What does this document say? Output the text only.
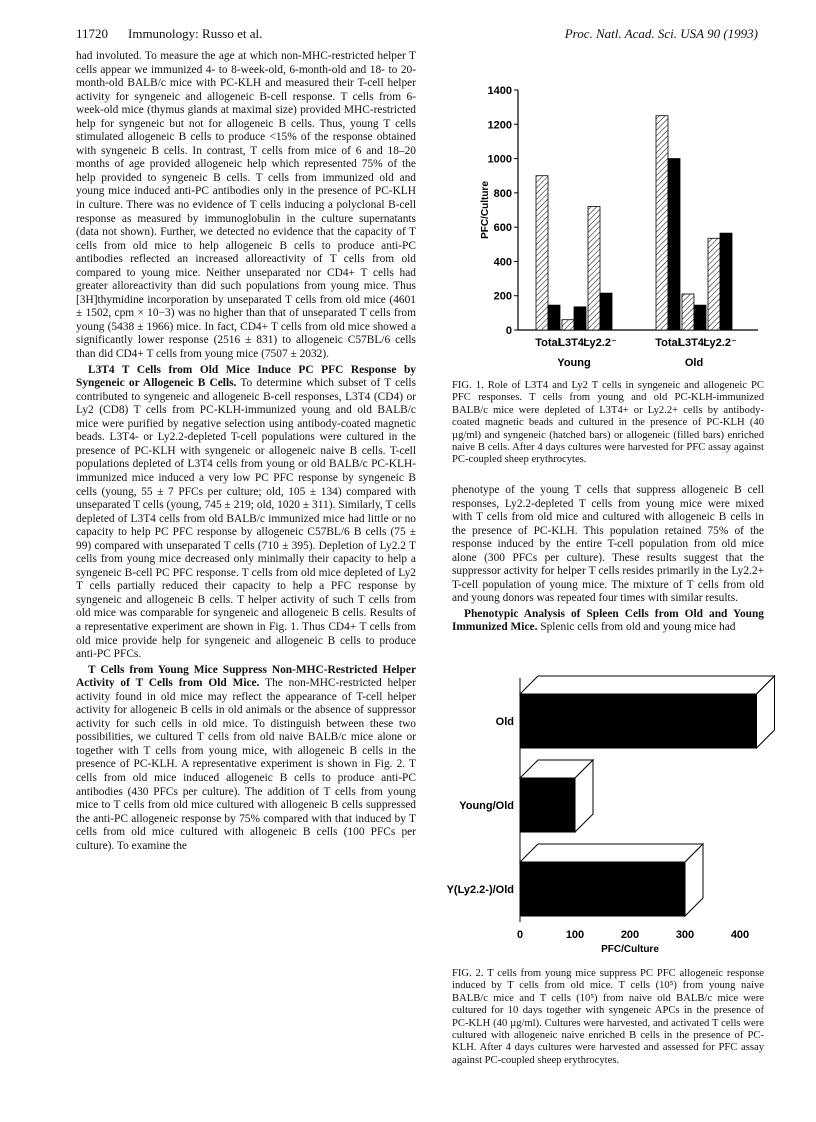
11720 Immunology: Russo et al.	Proc. Natl. Acad. Sci. USA 90 (1993)

had involuted. To measure the age at which non-MHC-restricted helper T cells appear we immunized 4- to 8-week-old, 6-month-old and 18- to 20-month-old BALB/c mice with PC-KLH and measured their T-cell helper activity for syngeneic and allogeneic B-cell response. T cells from 6-week-old mice (thymus glands at maximal size) provided MHC-restricted help for syngeneic but not for allogeneic B cells. Thus, young T cells stimulated allogeneic B cells to produce <15% of the response obtained with syngeneic B cells. In contrast, T cells from mice of 6 and 18–20 months of age provided allogeneic help which represented 75% of the help provided to syngeneic B cells. T cells from immunized old and young mice induced anti-PC antibodies only in the presence of PC-KLH in culture. There was no evidence of T cells inducing a polyclonal B-cell response as measured by immunoglobulin in the culture supernatants (data not shown). Further, we detected no evidence that the capacity of T cells from old mice to help allogeneic B cells to produce anti-PC antibodies reflected an increased alloreactivity of T cells from old compared to young mice. Neither unseparated nor CD4+ T cells had greater alloreactivity than did such populations from young mice. Thus [3H]thymidine incorporation by unseparated T cells from old mice (4601 ± 1502, cpm × 10−3) was no higher than that of unseparated T cells from young (5438 ± 1966) mice. In fact, CD4+ T cells from old mice showed a significantly lower response (2516 ± 831) to allogeneic C57BL/6 cells than did CD4+ T cells from young mice (7507 ± 2032).

L3T4 T Cells from Old Mice Induce PC PFC Response by Syngeneic or Allogeneic B Cells. To determine which subset of T cells contributed to syngeneic and allogeneic B-cell responses, L3T4 (CD4) or Ly2 (CD8) T cells from PC-KLH-immunized young and old BALB/c mice were purified by negative selection using antibody-coated magnetic beads. L3T4- or Ly2.2-depleted T-cell populations were cultured in the presence of PC-KLH with syngeneic or allogeneic naive B cells. T-cell populations depleted of L3T4 cells from young or old BALB/c PC-KLH-immunized mice induced a very low PC PFC response by syngeneic B cells (young, 55 ± 7 PFCs per culture; old, 105 ± 134) compared with unseparated T cells (young, 745 ± 219; old, 1020 ± 311). Similarly, T cells depleted of L3T4 cells from old BALB/c immunized mice had little or no capacity to help PC PFC response by allogeneic C57BL/6 B cells (75 ± 99) compared with unseparated T cells (710 ± 395). Depletion of Ly2.2 T cells from young mice decreased only minimally their capacity to help a syngeneic B-cell PC PFC response. T cells from old mice depleted of Ly2 T cells partially reduced their capacity to help a PFC response by syngeneic and allogeneic B cells. T helper activity of such T cells from old mice was comparable for syngeneic and allogeneic B cells. Results of a representative experiment are shown in Fig. 1. Thus CD4+ T cells from old mice provide help for syngeneic and allogeneic B cells to produce anti-PC PFCs.

T Cells from Young Mice Suppress Non-MHC-Restricted Helper Activity of T Cells from Old Mice. The non-MHC-restricted helper activity found in old mice may reflect the appearance of T-cell helper activity for allogeneic B cells in old animals or the absence of suppressor activity for such cells in old mice. To distinguish between these two possibilities, we cultured T cells from old naive BALB/c mice alone or together with T cells from young mice, with allogeneic B cells in the presence of PC-KLH. A representative experiment is shown in Fig. 2. T cells from old mice induced allogeneic B cells to produce anti-PC antibodies (430 PFCs per culture). The addition of T cells from young mice to T cells from old mice cultured with allogeneic B cells suppressed the anti-PC allogeneic response by 75% compared with that induced by T cells from old mice cultured with allogeneic B cells (100 PFCs per culture). To examine the

0
200
400
600
800
1000
1200
1400
PFC/Culture
Total
L3T4⁻
Ly2.2⁻	Total
L3T4⁻
Ly2.2⁻
Young	Old
FIG. 1. Role of L3T4 and Ly2 T cells in syngeneic and allogeneic PC PFC responses. T cells from young and old PC-KLH-immunized BALB/c mice were depleted of L3T4+ or Ly2.2+ cells by antibody-coated magnetic beads and cultured in the presence of PC-KLH (40 µg/ml) and syngeneic (hatched bars) or allogeneic (filled bars) enriched naive B cells. After 4 days cultures were harvested for PFC assay against PC-coupled sheep erythrocytes.

phenotype of the young T cells that suppress allogeneic B cell responses, Ly2.2-depleted T cells from young mice were mixed with T cells from old mice and cultured with allogeneic B cells in the presence of PC-KLH. This population retained 75% of the response induced by the entire T-cell population from old mice alone (300 PFCs per culture). These results suggest that the suppressor activity for helper T cells resides primarily in the Ly2.2+ T-cell population of young mice. The mixture of T cells from old and young donors was repeated four times with similar results.

Phenotypic Analysis of Spleen Cells from Old and Young Immunized Mice. Splenic cells from old and young mice had

Old
Young/Old
Y(Ly2.2-)/Old
0	100	200	300	400
PFC/Culture
FIG. 2. T cells from young mice suppress PC PFC allogeneic response induced by T cells from old mice. T cells (10⁵) from young naive BALB/c mice and T cells (10⁵) from naive old BALB/c mice were cultured for 10 days together with syngeneic APCs in the presence of PC-KLH (40 µg/ml). Cultures were harvested, and activated T cells were cultured with allogeneic naive enriched B cells in the presence of PC-KLH. After 4 days cultures were harvested and assessed for PFC assay against PC-coupled sheep erythrocytes.
